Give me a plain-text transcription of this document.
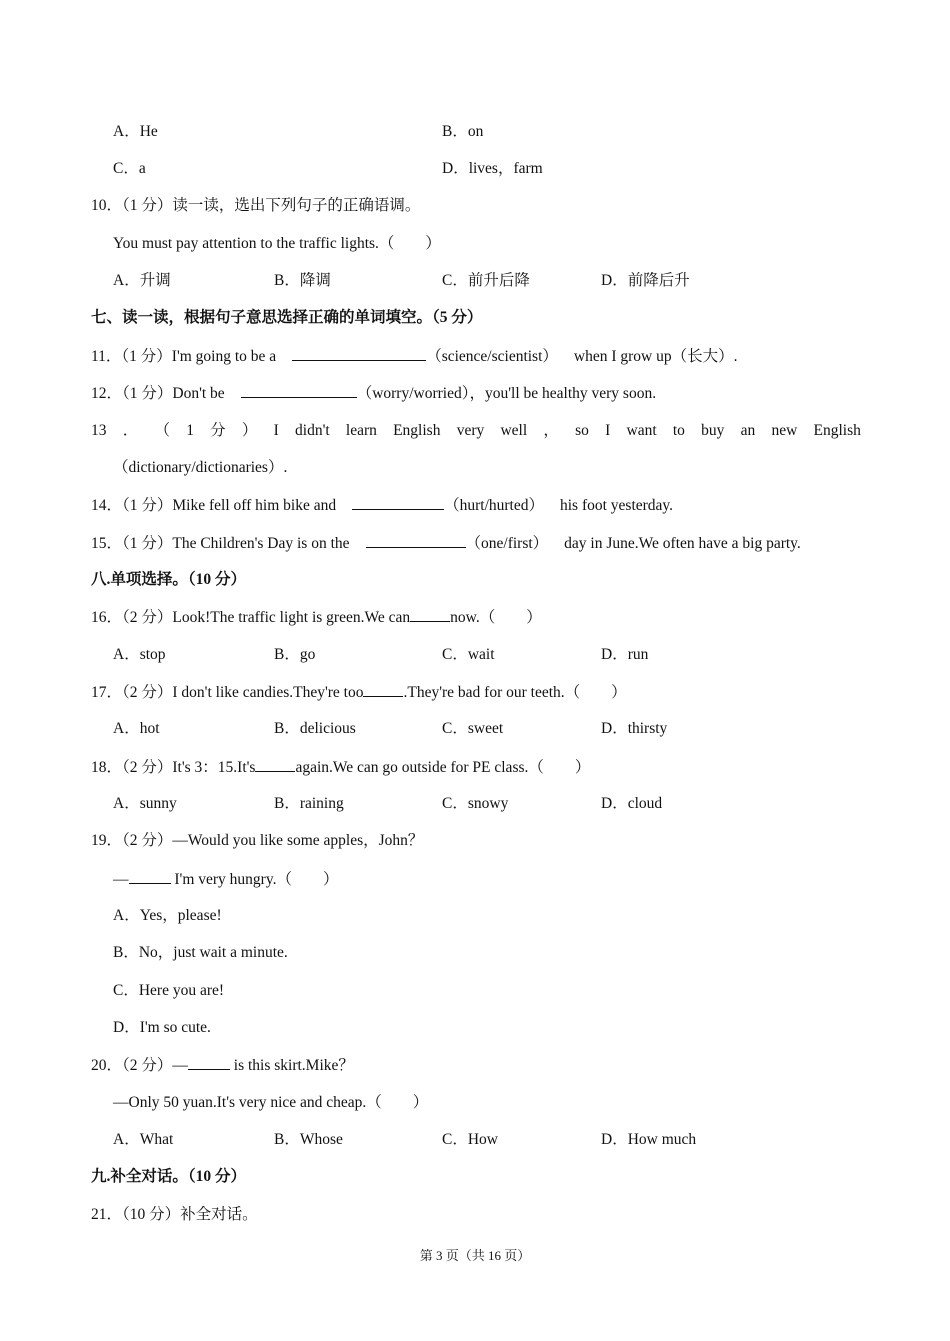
A．He	B．on
C．a	D．lives，farm
10．（1 分）读一读，选出下列句子的正确语调。
You must pay attention to the traffic lights.（　　）
A．升调	B．降调	C．前升后降	D．前降后升
七、读一读，根据句子意思选择正确的单词填空。（5 分）
11．（1 分）I'm going to be a	（science/scientist） when I grow up（长大）.
12．（1 分）Don't be	（worry/worried），you'll be healthy very soon.
13 ． （ 1 分 ） I didn't learn English very well ， so I want to buy an new English
（dictionary/dictionaries）.
14．（1 分）Mike fell off him bike and	（hurt/hurted） his foot yesterday.
15．（1 分）The Children's Day is on the	（one/first） day in June.We often have a big party.
八.单项选择。（10 分）
16．（2 分）Look!The traffic light is green.We can	now.（　　）
A．stop	B．go	C．wait	D．run
17．（2 分）I don't like candies.They're too	.They're bad for our teeth.（　　）
A．hot	B．delicious	C．sweet	D．thirsty
18．（2 分）It's 3：15.It's	again.We can go outside for PE class.（　　）
A．sunny	B．raining	C．snowy	D．cloud
19．（2 分）—Would you like some apples，John？
—	I'm very hungry.（　　）
A．Yes，please!
B．No，just wait a minute.
C．Here you are!
D．I'm so cute.
20．（2 分）—	is this skirt.Mike？
—Only 50 yuan.It's very nice and cheap.（　　）
A．What	B．Whose	C．How	D．How much
九.补全对话。（10 分）
21．（10 分）补全对话。
第 3 页（共 16 页）
